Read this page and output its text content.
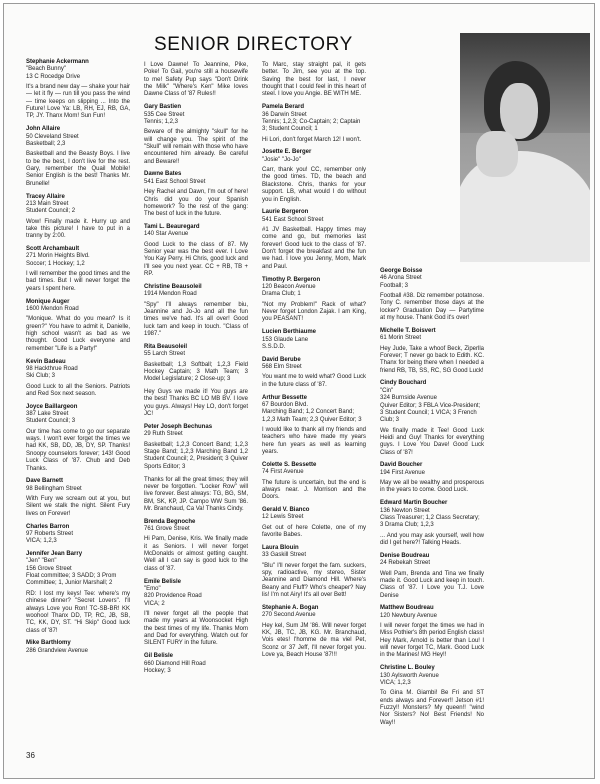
SENIOR DIRECTORY
Stephanie Ackermann
"Beach Bunny"
13 C Rocedge Drive
It's a brand new day — shake your hair — let it fly — run till you pass the wind — time keeps on slipping ... Into the Future! Love Ya: LB, RH, EJ, RB, GA, TP, JY. Thanx Mom! Sun Fun!
John Allaire
50 Cleveland Street
Basketball; 2,3
Basketball and the Beasty Boys. I live to be the best, I don't live for the rest. Gary, remember the Quail Mobile! Senior English is the best! Thanks Mr. Brunelle!
Tracey Allaire
213 Main Street
Student Council; 2
Wow! Finally made it. Hurry up and take this picture! I have to put in a tranny by 2:00.
Scott Archambault
271 Morin Heights Blvd.
Soccer; 1 Hockey; 1,2
I will remember the good times and the bad times. But I will never forget the years I spent here.
Monique Auger
1600 Mendon Road
"Monique. What do you mean? Is it green?" You have to admit it, Danielle, high school wasn't as bad as we thought. Good Luck everyone and remember "Life is a Party!"
Kevin Badeau
98 Hackthrue Road
Ski Club; 3
Good Luck to all the Seniors. Patriots and Red Sox next season.
Joyce Baillargeon
387 Lake Street
Student Council; 3
Our time has come to go our separate ways. I won't ever forget the times we had KK, SB, DD, JB, DY, SP. Thanks! Snoopy counselors forever; 143! Good Luck Class of '87. Chub and Deb Thanks.
Dave Barnett
98 Bellingham Street
With Fury we scream out at you, but Silent we stalk the night. Silent Fury lives on Forever!
Charles Barron
97 Roberts Street
VICA; 1,2,3
Jennifer Jean Barry
"Jen" "Ben"
156 Grove Street
Float committee; 3 SADD; 3 Prom Committee; 1, Junior Marshall; 2
RD: I lost my keys! Tee: where's my chinese dinner? "Secret Lovers". I'll always Love you Ron! TC-SB-BR! KK woohoo! Thanx DD, TP, RC, JB, SB, TC, KK, DY, ST. "Hi Skip" Good luck class of '87!
Mike Barthlomy
286 Grandview Avenue
I Love Dawne! To Jeannine, Pike, Poke! To Gail, you're still a housewife to me! Safety Pup says "Don't Drink the Milk" "Where's Ken" Mike loves Dawne Class of '87 Rules!!
Gary Bastien
535 Cee Street
Tennis; 1,2,3
Beware of the almighty "skull" for he will change you. The spirit of the "Skull" will remain with those who have encountered him already. Be careful and Beware!!
Dawne Bates
541 East School Street
Hey Rachel and Dawn, I'm out of here! Chris did you do your Spanish homework? To the rest of the gang: The best of luck in the future.
Tami L. Beauregard
140 Star Avenue
Good Luck to the class of 87. My Senior year was the best ever. I Love You Kay Perry. Hi Chris, good luck and I'll see you next year. CC + RB, TB + RP.
Christine Beausoleil
1914 Mendon Road
"Spy" I'll always remember biu, Jeannine and Jo-Jo and all the fun times we've had. It's all over! Good luck tam and keep in touch. "Class of 1987."
Rita Beausoleil
55 Larch Street
Basketball; 1,3 Softball; 1,2,3 Field Hockey Captain; 3 Math Team; 3 Model Legislature; 2 Close-up; 3
Hey Guys we made it! You guys are the best! Thanks BC LO MB BV. I love you guys. Always! Hey LO, don't forget JC!
Peter Joseph Bechunas
29 Ruth Street
Basketball; 1,2,3 Concert Band; 1,2,3 Stage Band; 1,2,3 Marching Band 1,2 Student Council; 2, President; 3 Quiver Sports Editor; 3
Thanks for all the great times; they will never be forgotten. "Locker Row" will live forever. Best always: TG, BG, SM, BM, SK, KP, JP. Campo WW Sum '86. Mr. Branchaud, Ca Va! Thanks Cindy.
Brenda Begnoche
761 Grove Street
Hi Pam, Denise, Kris. We finally made it as Seniors. I will never forget McDonalds or almost getting caught. Well all I can say is good luck to the class of '87.
Emile Belisle
"Emo"
820 Providence Road
VICA; 2
I'll never forget all the people that made my years at Woonsocket High the best times of my life. Thanks Mom and Dad for everything. Watch out for SILENT FURY in the future.
Gil Belisle
660 Diamond Hill Road
Hockey; 3
To Marc, stay straight pal, it gets better. To Jim, see you at the top. Saving the best for last, I never thought that I could feel in this heart of steel. I love you Angie. BE WITH ME.
Pamela Berard
36 Darwin Street
Tennis; 1,2,3; Co-Captain; 2; Captain 3; Student Council; 1
Hi Lori, don't forget March 12! I won't.
Josette E. Berger
"Josie" "Jo-Jo"
Carr, thank you! CC, remember only the good times. TD, the beach and Blackstone. Chris, thanks for your support. LB, what would I do without you in English.
Laurie Bergeron
541 East School Street
#1 JV Basketball. Happy times may come and go, but memories last forever! Good luck to the class of '87. Don't forget the breakfast and the fun we had. I love you Jenny, Mom, Mark and Paul.
Timothy P. Bergeron
120 Beacon Avenue
Drama Club; 1
"Not my Problem!" Rack of what? Never forget London Zajak. I am King, you PEASANT!
Lucien Berthiaume
153 Glaude Lane
S.S.D.D.
David Berube
568 Elm Street
You want me to weld what? Good Luck in the future class of '87.
Arthur Bessette
67 Bourdon Blvd.
Marching Band; 1,2 Concert Band; 1,2,3 Math Team; 2,3 Quiver Editor; 3
I would like to thank all my friends and teachers who have made my years here fun years as well as learning years.
Colette S. Bessette
74 First Avenue
The future is uncertain, but the end is always near. J. Morrison and the Doors.
Gerald V. Bianco
12 Lewis Street
Get out of here Colette, one of my favorite Babes.
Laura Blouin
33 Gaskill Street
"Blu" I'll never forget the fam. suckers, spy, radioactive, my stereo, Sister Jeannine and Diamond Hill. Where's Beany and Fluff? Who's cheaper? Nay lis! I'm not Airy! It's all over Bett!
Stephanie A. Bogan
270 Second Avenue
Hey kel, Sum JM '86. Will never forget KK, JB, TC, JB, KG. Mr. Branchaud, Vois etes! l'homme de ma viel Pet, Sconz or 37 Jeff, I'll never forget you. Love ya, Beach House '87!!!
George Boisse
46 Arona Street
Football; 3
Football #38. Diz remember potatnose. Tony C. remember those days at the locker? Graduation Day — Partytime at my house. Thank God it's over!
Michelle T. Boisvert
61 Morin Street
Hey Jude, Take a whoof Beck, Ziperlla Forever; T never go back to Edith. KC. Thanx for being there when I needed a friend RB, TB, SS, RC, SG Good Luck!
Cindy Bouchard
"Cin"
324 Burnside Avenue
Quiver Editor; 3 FBLA Vice-President; 3 Student Council; 1 VICA; 3 French Club; 3
We finally made it Tee! Good Luck Heidi and Guy! Thanks for everything guys. I Love You Dave! Good Luck Class of '87!
David Boucher
194 First Avenue
May we all be wealthy and prosperous in the years to come. Good Luck.
Edward Martin Boucher
136 Newton Street
Class Treasurer; 1,2 Class Secretary; 3 Drama Club; 1,2,3
... And you may ask yourself, well how did I get here?! Talking Heads.
Denise Boudreau
24 Rebekah Street
Well Pam, Brenda and Tina we finally made it. Good Luck and keep in touch. Class of '87. I Love you T.J. Love Denise
Matthew Boudreau
120 Newbury Avenue
I will never forget the times we had in Miss Pothier's 8th period English class! Hey Mark, Arnold is better than Lou! I will never forget TC, Mark. Good Luck in the Marines! MG Hey!!
Christine L. Bouley
130 Aylsworth Avenue
VICA; 1,2,3
To Gina M. Giambi! Be Fri and ST ends always and Forever!! Jetson #1! Fuzzy!! Monsters? My queen!! "wind Nor Sisters? No! Best Friends! No Way!!
36
